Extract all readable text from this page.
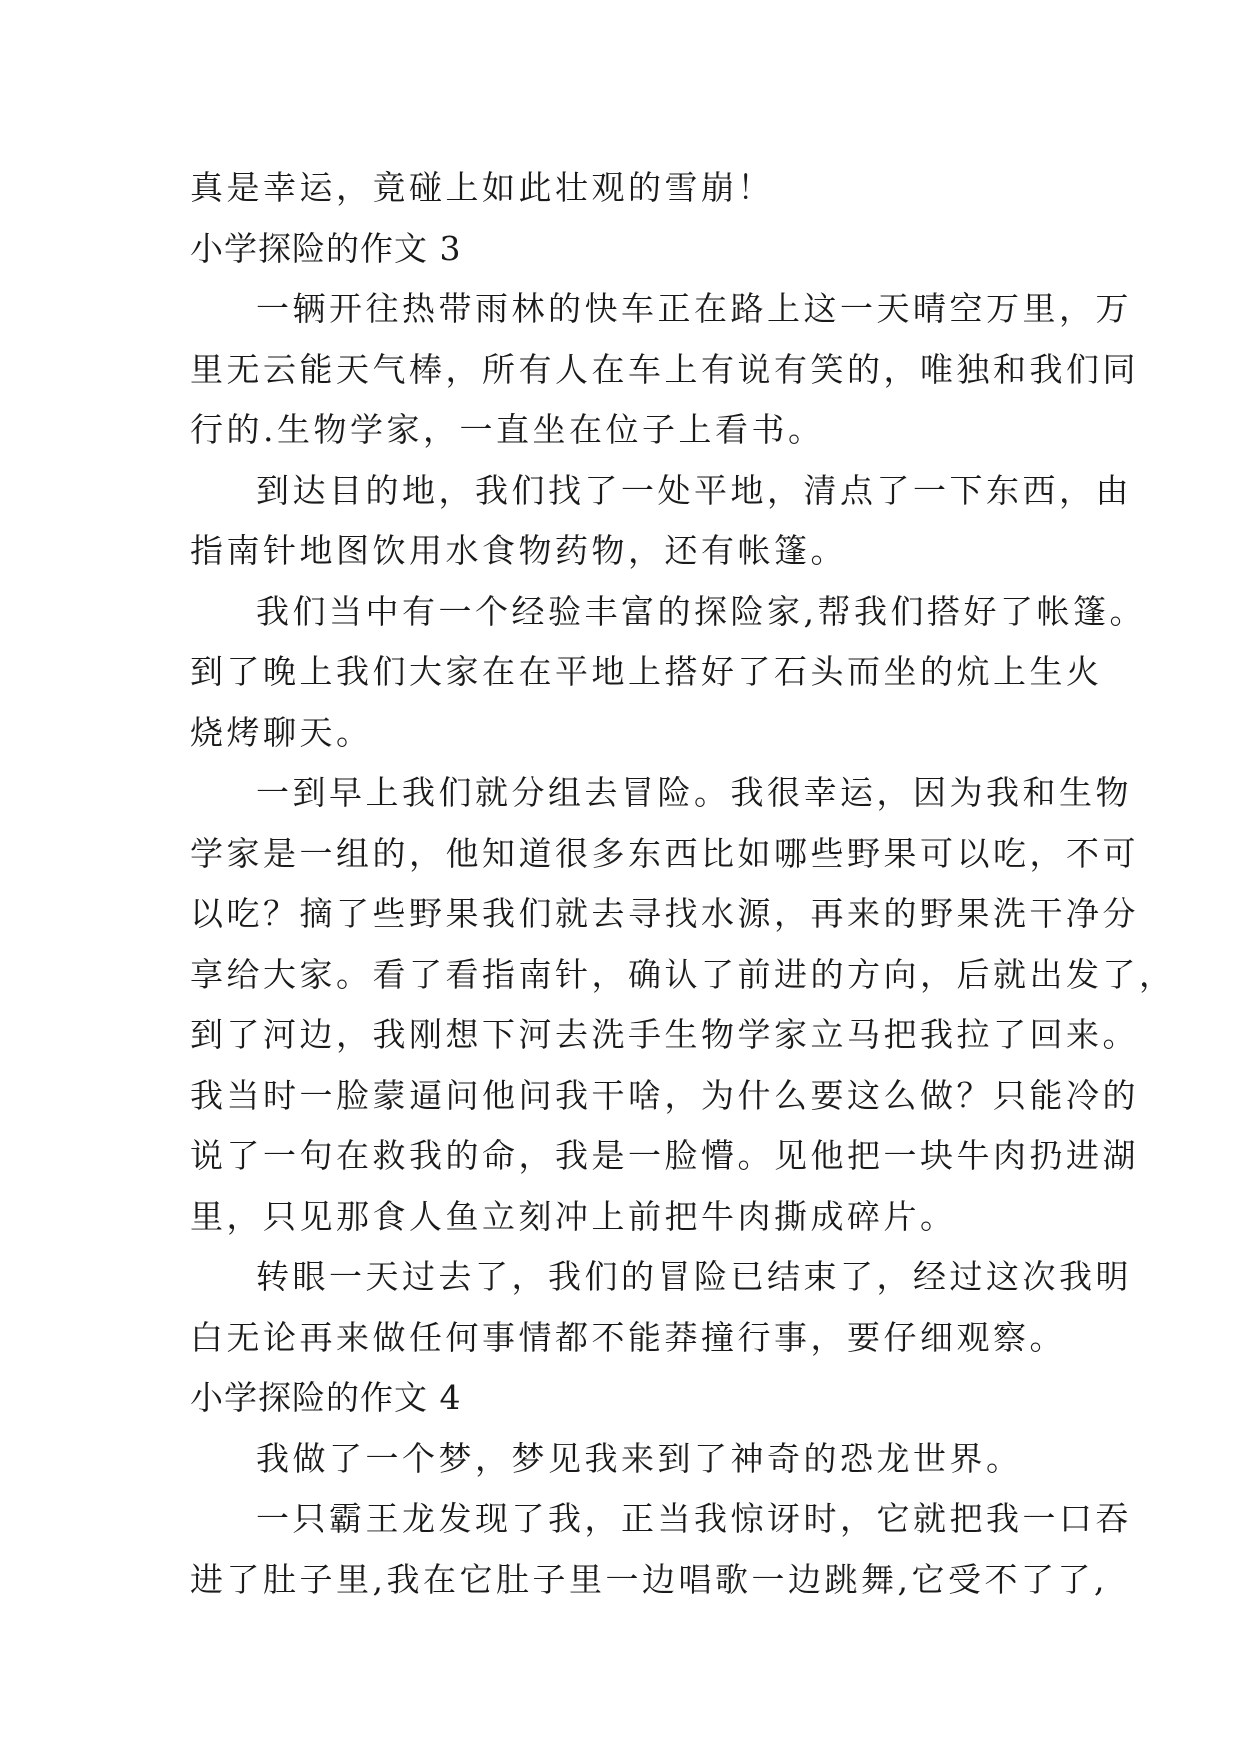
真是幸运，竟碰上如此壮观的雪崩！
小学探险的作文 3
一辆开往热带雨林的快车正在路上这一天晴空万里，万
里无云能天气棒，所有人在车上有说有笑的，唯独和我们同
行的.生物学家，一直坐在位子上看书。
到达目的地，我们找了一处平地，清点了一下东西，由
指南针地图饮用水食物药物，还有帐篷。
我们当中有一个经验丰富的探险家,帮我们搭好了帐篷。
到了晚上我们大家在在平地上搭好了石头而坐的炕上生火
烧烤聊天。
一到早上我们就分组去冒险。我很幸运，因为我和生物
学家是一组的，他知道很多东西比如哪些野果可以吃，不可
以吃？摘了些野果我们就去寻找水源，再来的野果洗干净分
享给大家。看了看指南针，确认了前进的方向，后就出发了，
到了河边，我刚想下河去洗手生物学家立马把我拉了回来。
我当时一脸蒙逼问他问我干啥，为什么要这么做？只能冷的
说了一句在救我的命，我是一脸懵。见他把一块牛肉扔进湖
里，只见那食人鱼立刻冲上前把牛肉撕成碎片。
转眼一天过去了，我们的冒险已结束了，经过这次我明
白无论再来做任何事情都不能莽撞行事，要仔细观察。
小学探险的作文 4
我做了一个梦，梦见我来到了神奇的恐龙世界。
一只霸王龙发现了我，正当我惊讶时，它就把我一口吞
进了肚子里,我在它肚子里一边唱歌一边跳舞,它受不了了,
